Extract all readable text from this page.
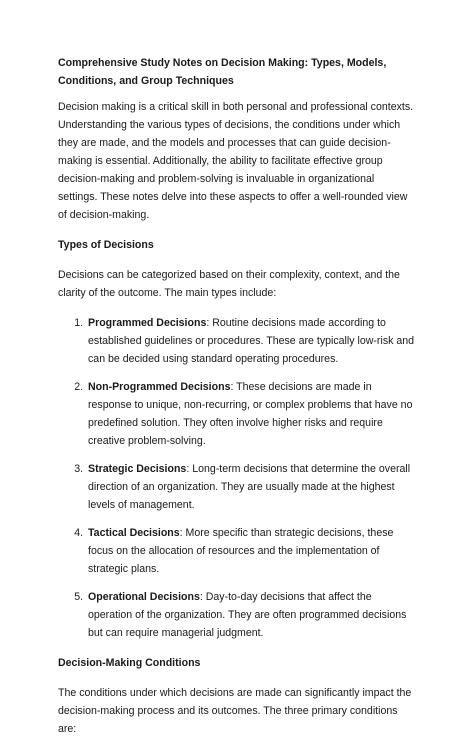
Comprehensive Study Notes on Decision Making: Types, Models, Conditions, and Group Techniques

Decision making is a critical skill in both personal and professional contexts. Understanding the various types of decisions, the conditions under which they are made, and the models and processes that can guide decision-making is essential. Additionally, the ability to facilitate effective group decision-making and problem-solving is invaluable in organizational settings. These notes delve into these aspects to offer a well-rounded view of decision-making.

Types of Decisions

Decisions can be categorized based on their complexity, context, and the clarity of the outcome. The main types include:

1. Programmed Decisions: Routine decisions made according to established guidelines or procedures. These are typically low-risk and can be decided using standard operating procedures.
2. Non-Programmed Decisions: These decisions are made in response to unique, non-recurring, or complex problems that have no predefined solution. They often involve higher risks and require creative problem-solving.
3. Strategic Decisions: Long-term decisions that determine the overall direction of an organization. They are usually made at the highest levels of management.
4. Tactical Decisions: More specific than strategic decisions, these focus on the allocation of resources and the implementation of strategic plans.
5. Operational Decisions: Day-to-day decisions that affect the operation of the organization. They are often programmed decisions but can require managerial judgment.
Decision-Making Conditions

The conditions under which decisions are made can significantly impact the decision-making process and its outcomes. The three primary conditions are:
